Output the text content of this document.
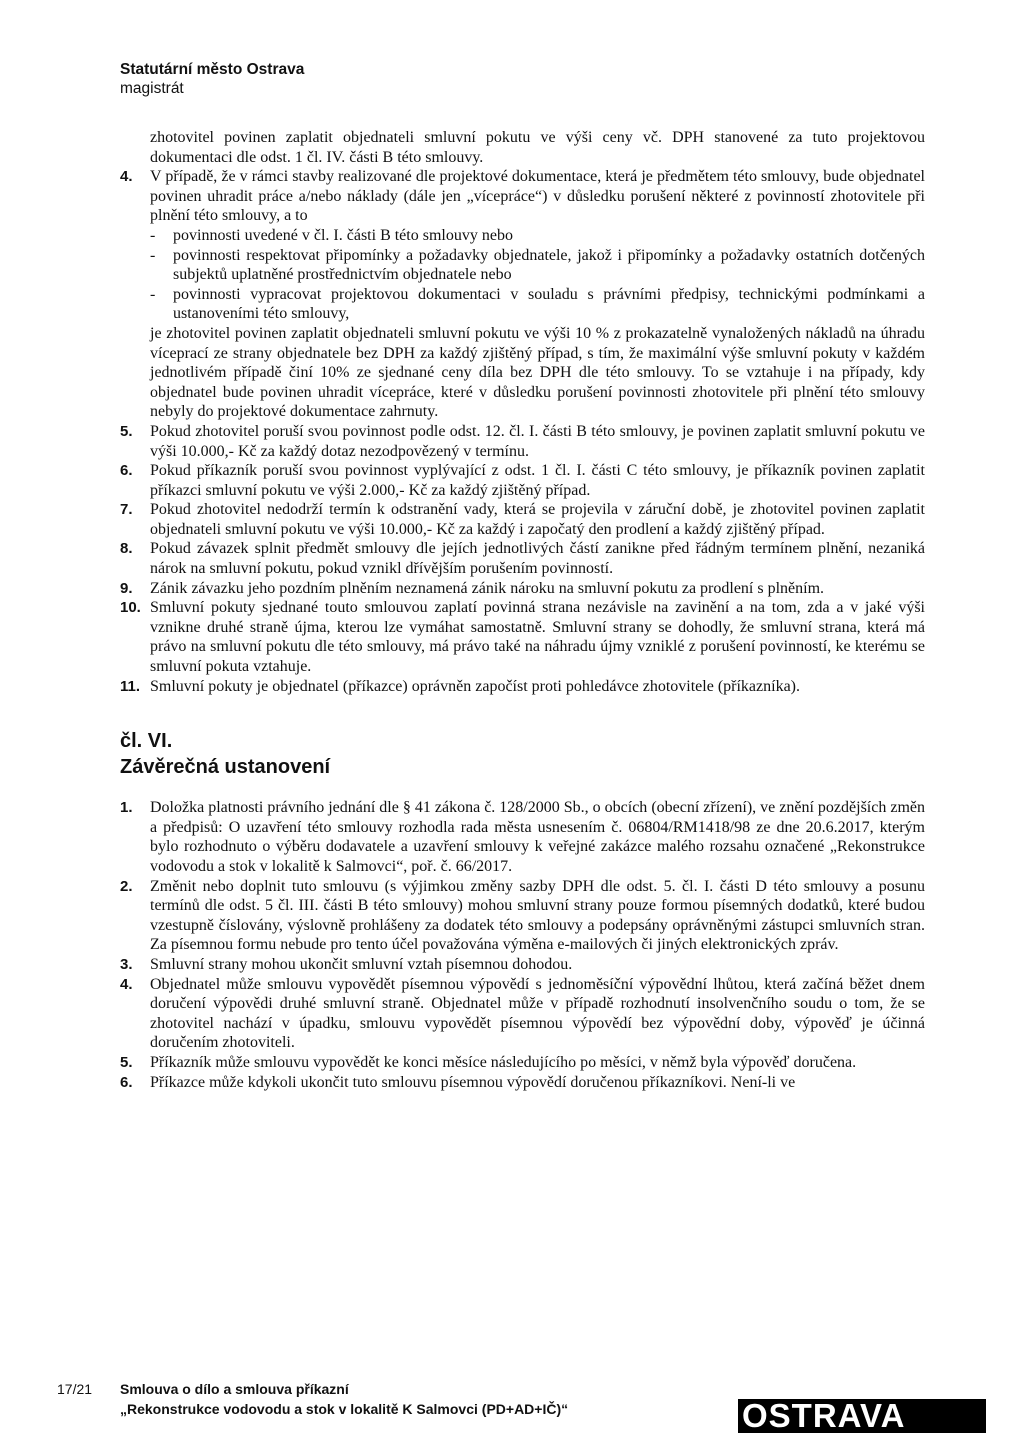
Statutární město Ostrava
magistrát

zhotovitel povinen zaplatit objednateli smluvní pokutu ve výši ceny vč. DPH stanovené za tuto projektovou dokumentaci dle odst. 1 čl. IV. části B této smlouvy.

4. V případě, že v rámci stavby realizované dle projektové dokumentace, která je předmětem této smlouvy, bude objednatel povinen uhradit práce a/nebo náklady (dále jen „vícepráce“) v důsledku porušení některé z povinností zhotovitele při plnění této smlouvy, a to
- povinnosti uvedené v čl. I. části B této smlouvy nebo
- povinnosti respektovat připomínky a požadavky objednatele, jakož i připomínky a požadavky ostatních dotčených subjektů uplatněné prostřednictvím objednatele nebo
- povinnosti vypracovat projektovou dokumentaci v souladu s právními předpisy, technickými podmínkami a ustanoveními této smlouvy,

je zhotovitel povinen zaplatit objednateli smluvní pokutu ve výši 10 % z prokazatelně vynaložených nákladů na úhradu víceprací ze strany objednatele bez DPH za každý zjištěný případ, s tím, že maximální výše smluvní pokuty v každém jednotlivém případě činí 10% ze sjednané ceny díla bez DPH dle této smlouvy. To se vztahuje i na případy, kdy objednatel bude povinen uhradit vícepráce, které v důsledku porušení povinnosti zhotovitele při plnění této smlouvy nebyly do projektové dokumentace zahrnuty.

5. Pokud zhotovitel poruší svou povinnost podle odst. 12. čl. I. části B této smlouvy, je povinen zaplatit smluvní pokutu ve výši 10.000,- Kč za každý dotaz nezodpovězený v termínu.
6. Pokud příkazník poruší svou povinnost vyplývající z odst. 1 čl. I. části C této smlouvy, je příkazník povinen zaplatit příkazci smluvní pokutu ve výši 2.000,- Kč za každý zjištěný případ.
7. Pokud zhotovitel nedodrží termín k odstranění vady, která se projevila v záruční době, je zhotovitel povinen zaplatit objednateli smluvní pokutu ve výši 10.000,- Kč za každý i započatý den prodlení a každý zjištěný případ.
8. Pokud závazek splnit předmět smlouvy dle jejích jednotlivých částí zanikne před řádným termínem plnění, nezaniká nárok na smluvní pokutu, pokud vznikl dřívějším porušením povinností.
9. Zánik závazku jeho pozdním plněním neznamená zánik nároku na smluvní pokutu za prodlení s plněním.
10. Smluvní pokuty sjednané touto smlouvou zaplatí povinná strana nezávisle na zavinění a na tom, zda a v jaké výši vznikne druhé straně újma, kterou lze vymáhat samostatně. Smluvní strany se dohodly, že smluvní strana, která má právo na smluvní pokutu dle této smlouvy, má právo také na náhradu újmy vzniklé z porušení povinností, ke kterému se smluvní pokuta vztahuje.
11. Smluvní pokuty je objednatel (příkazce) oprávněn započíst proti pohledávce zhotovitele (příkazníka).
čl. VI.
Závěrečná ustanovení
1. Doložka platnosti právního jednání dle § 41 zákona č. 128/2000 Sb., o obcích (obecní zřízení), ve znění pozdějších změn a předpisů: O uzavření této smlouvy rozhodla rada města usnesením č. 06804/RM1418/98 ze dne 20.6.2017, kterým bylo rozhodnuto o výběru dodavatele a uzavření smlouvy k veřejné zakázce malého rozsahu označené „Rekonstrukce vodovodu a stok v lokalitě k Salmovci“, poř. č. 66/2017.
2. Změnit nebo doplnit tuto smlouvu (s výjimkou změny sazby DPH dle odst. 5. čl. I. části D této smlouvy a posunu termínů dle odst. 5 čl. III. části B této smlouvy) mohou smluvní strany pouze formou písemných dodatků, které budou vzestupně číslovány, výslovně prohlášeny za dodatek této smlouvy a podepsány oprávněnými zástupci smluvních stran. Za písemnou formu nebude pro tento účel považována výměna e-mailových či jiných elektronických zpráv.
3. Smluvní strany mohou ukončit smluvní vztah písemnou dohodou.
4. Objednatel může smlouvu vypovědět písemnou výpovědí s jednoměsíční výpovědní lhůtou, která začíná běžet dnem doručení výpovědi druhé smluvní straně. Objednatel může v případě rozhodnutí insolvenčního soudu o tom, že se zhotovitel nachází v úpadku, smlouvu vypovědět písemnou výpovědí bez výpovědní doby, výpověď je účinná doručením zhotoviteli.
5. Příkazník může smlouvu vypovědět ke konci měsíce následujícího po měsíci, v němž byla výpověď doručena.
6. Příkazce může kdykoli ukončit tuto smlouvu písemnou výpovědí doručenou příkazníkovi. Není-li ve
17/21 Smlouva o dílo a smlouva příkazní
„Rekonstrukce vodovodu a stok v lokalitě K Salmovci (PD+AD+IČ)“	OSTRAVA
